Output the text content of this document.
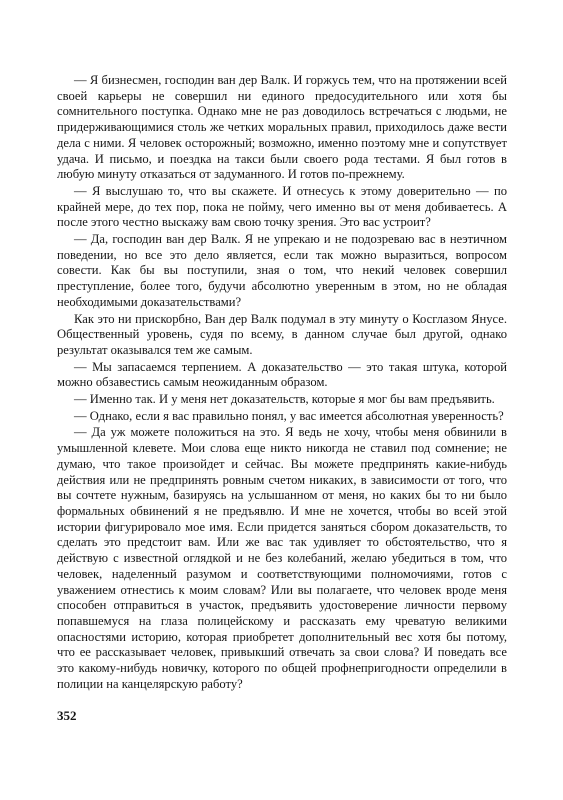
— Я бизнесмен, господин ван дер Валк. И горжусь тем, что на протяжении всей своей карьеры не совершил ни единого предосудительного или хотя бы сомнительного поступка. Однако мне не раз доводилось встречаться с людьми, не придерживающимися столь же четких моральных правил, приходилось даже вести дела с ними. Я человек осторожный; возможно, именно поэтому мне и сопутствует удача. И письмо, и поездка на такси были своего рода тестами. Я был готов в любую минуту отказаться от задуманного. И готов по-прежнему.

— Я выслушаю то, что вы скажете. И отнесусь к этому доверительно — по крайней мере, до тех пор, пока не пойму, чего именно вы от меня добиваетесь. А после этого честно выскажу вам свою точку зрения. Это вас устроит?

— Да, господин ван дер Валк. Я не упрекаю и не подозреваю вас в неэтичном поведении, но все это дело является, если так можно выразиться, вопросом совести. Как бы вы поступили, зная о том, что некий человек совершил преступление, более того, будучи абсолютно уверенным в этом, но не обладая необходимыми доказательствами?

Как это ни прискорбно, Ван дер Валк подумал в эту минуту о Косглазом Янусе. Общественный уровень, судя по всему, в данном случае был другой, однако результат оказывался тем же самым.

— Мы запасаемся терпением. А доказательство — это такая штука, которой можно обзавестись самым неожиданным образом.

— Именно так. И у меня нет доказательств, которые я мог бы вам предъявить.

— Однако, если я вас правильно понял, у вас имеется абсолютная уверенность?

— Да уж можете положиться на это. Я ведь не хочу, чтобы меня обвинили в умышленной клевете. Мои слова еще никто никогда не ставил под сомнение; не думаю, что такое произойдет и сейчас. Вы можете предпринять какие-нибудь действия или не предпринять ровным счетом никаких, в зависимости от того, что вы сочтете нужным, базируясь на услышанном от меня, но каких бы то ни было формальных обвинений я не предъявлю. И мне не хочется, чтобы во всей этой истории фигурировало мое имя. Если придется заняться сбором доказательств, то сделать это предстоит вам. Или же вас так удивляет то обстоятельство, что я действую с известной оглядкой и не без колебаний, желаю убедиться в том, что человек, наделенный разумом и соответствующими полномочиями, готов с уважением отнестись к моим словам? Или вы полагаете, что человек вроде меня способен отправиться в участок, предъявить удостоверение личности первому попавшемуся на глаза полицейскому и рассказать ему чреватую великими опасностями историю, которая приобретет дополнительный вес хотя бы потому, что ее рассказывает человек, привыкший отвечать за свои слова? И поведать все это какому-нибудь новичку, которого по общей профнепригодности определили в полиции на канцелярскую работу?

352
